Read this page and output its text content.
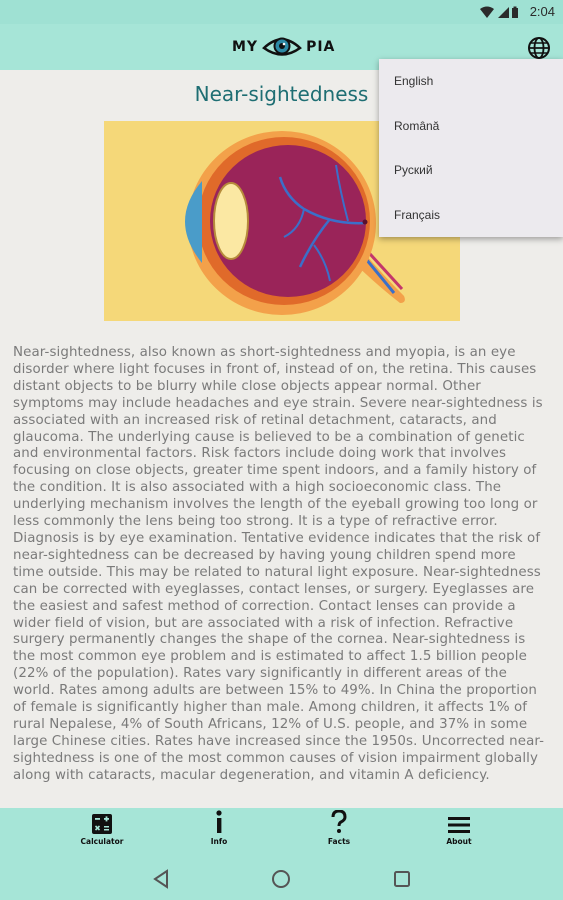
2:04
MY	PIA
Near-sightedness
Near-sightedness, also known as short-sightedness and myopia, is an eye disorder where light focuses in front of, instead of on, the retina. This causes distant objects to be blurry while close objects appear normal. Other symptoms may include headaches and eye strain. Severe near-sightedness is associated with an increased risk of retinal detachment, cataracts, and glaucoma. The underlying cause is believed to be a combination of genetic and environmental factors. Risk factors include doing work that involves focusing on close objects, greater time spent indoors, and a family history of the condition. It is also associated with a high socioeconomic class. The underlying mechanism involves the length of the eyeball growing too long or less commonly the lens being too strong. It is a type of refractive error. Diagnosis is by eye examination. Tentative evidence indicates that the risk of near-sightedness can be decreased by having young children spend more time outside. This may be related to natural light exposure. Near-sightedness can be corrected with eyeglasses, contact lenses, or surgery. Eyeglasses are the easiest and safest method of correction. Contact lenses can provide a wider field of vision, but are associated with a risk of infection. Refractive surgery permanently changes the shape of the cornea. Near-sightedness is the most common eye problem and is estimated to affect 1.5 billion people (22% of the population). Rates vary significantly in different areas of the world. Rates among adults are between 15% to 49%. In China the proportion of female is significantly higher than male. Among children, it affects 1% of rural Nepalese, 4% of South Africans, 12% of U.S. people, and 37% in some large Chinese cities. Rates have increased since the 1950s. Uncorrected near-sightedness is one of the most common causes of vision impairment globally along with cataracts, macular degeneration, and vitamin A deficiency.
English
Română
Руский
Français
Calculator	Info	Facts	About
